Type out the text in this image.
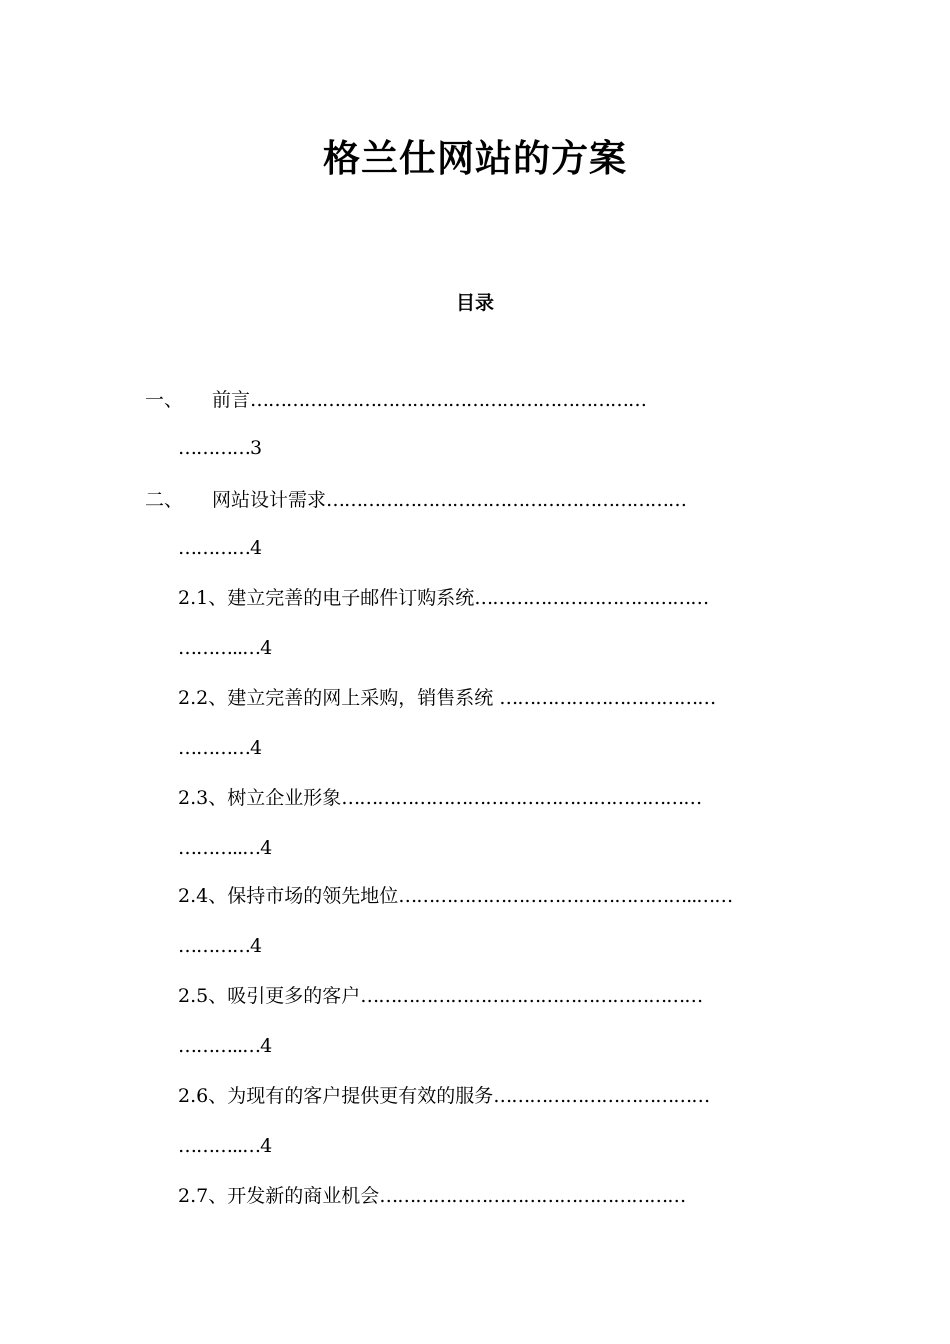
格兰仕网站的方案
目录
一、 前言…………………………………………………………
…………3
二、 网站设计需求……………………………………………………
…………4
2.1、建立完善的电子邮件订购系统…………………………………
………..…4
2.2、建立完善的网上采购，销售系统 ………………………………
…………4
2.3、树立企业形象……………………………………………………
………..…4
2.4、保持市场的领先地位…………………………………………..……
…………4
2.5、吸引更多的客户…………………………………………………
………..…4
2.6、为现有的客户提供更有效的服务………………………………
………..…4
2.7、开发新的商业机会……………………………………………
